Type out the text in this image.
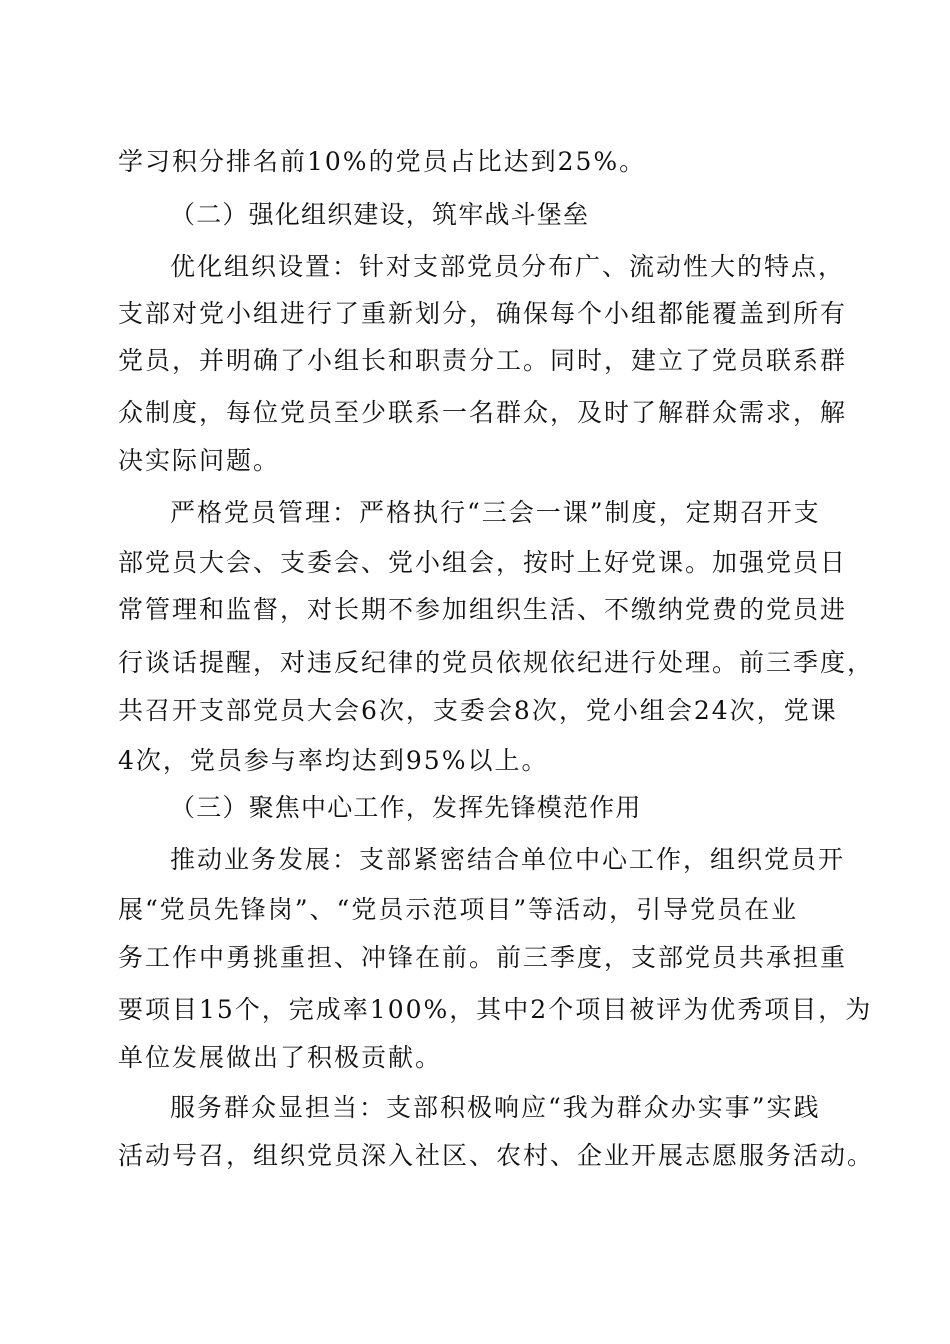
学习积分排名前10%的党员占比达到25%。
（二）强化组织建设，筑牢战斗堡垒
优化组织设置：针对支部党员分布广、流动性大的特点，
支部对党小组进行了重新划分，确保每个小组都能覆盖到所有
党员，并明确了小组长和职责分工。同时，建立了党员联系群
众制度，每位党员至少联系一名群众，及时了解群众需求，解
决实际问题。
严格党员管理：严格执行“三会一课”制度，定期召开支
部党员大会、支委会、党小组会，按时上好党课。加强党员日
常管理和监督，对长期不参加组织生活、不缴纳党费的党员进
行谈话提醒，对违反纪律的党员依规依纪进行处理。前三季度，
共召开支部党员大会6次，支委会8次，党小组会24次，党课
4次，党员参与率均达到95%以上。
（三）聚焦中心工作，发挥先锋模范作用
推动业务发展：支部紧密结合单位中心工作，组织党员开
展“党员先锋岗”、“党员示范项目”等活动，引导党员在业
务工作中勇挑重担、冲锋在前。前三季度，支部党员共承担重
要项目15个，完成率100%，其中2个项目被评为优秀项目，为
单位发展做出了积极贡献。
服务群众显担当：支部积极响应“我为群众办实事”实践
活动号召，组织党员深入社区、农村、企业开展志愿服务活动。
